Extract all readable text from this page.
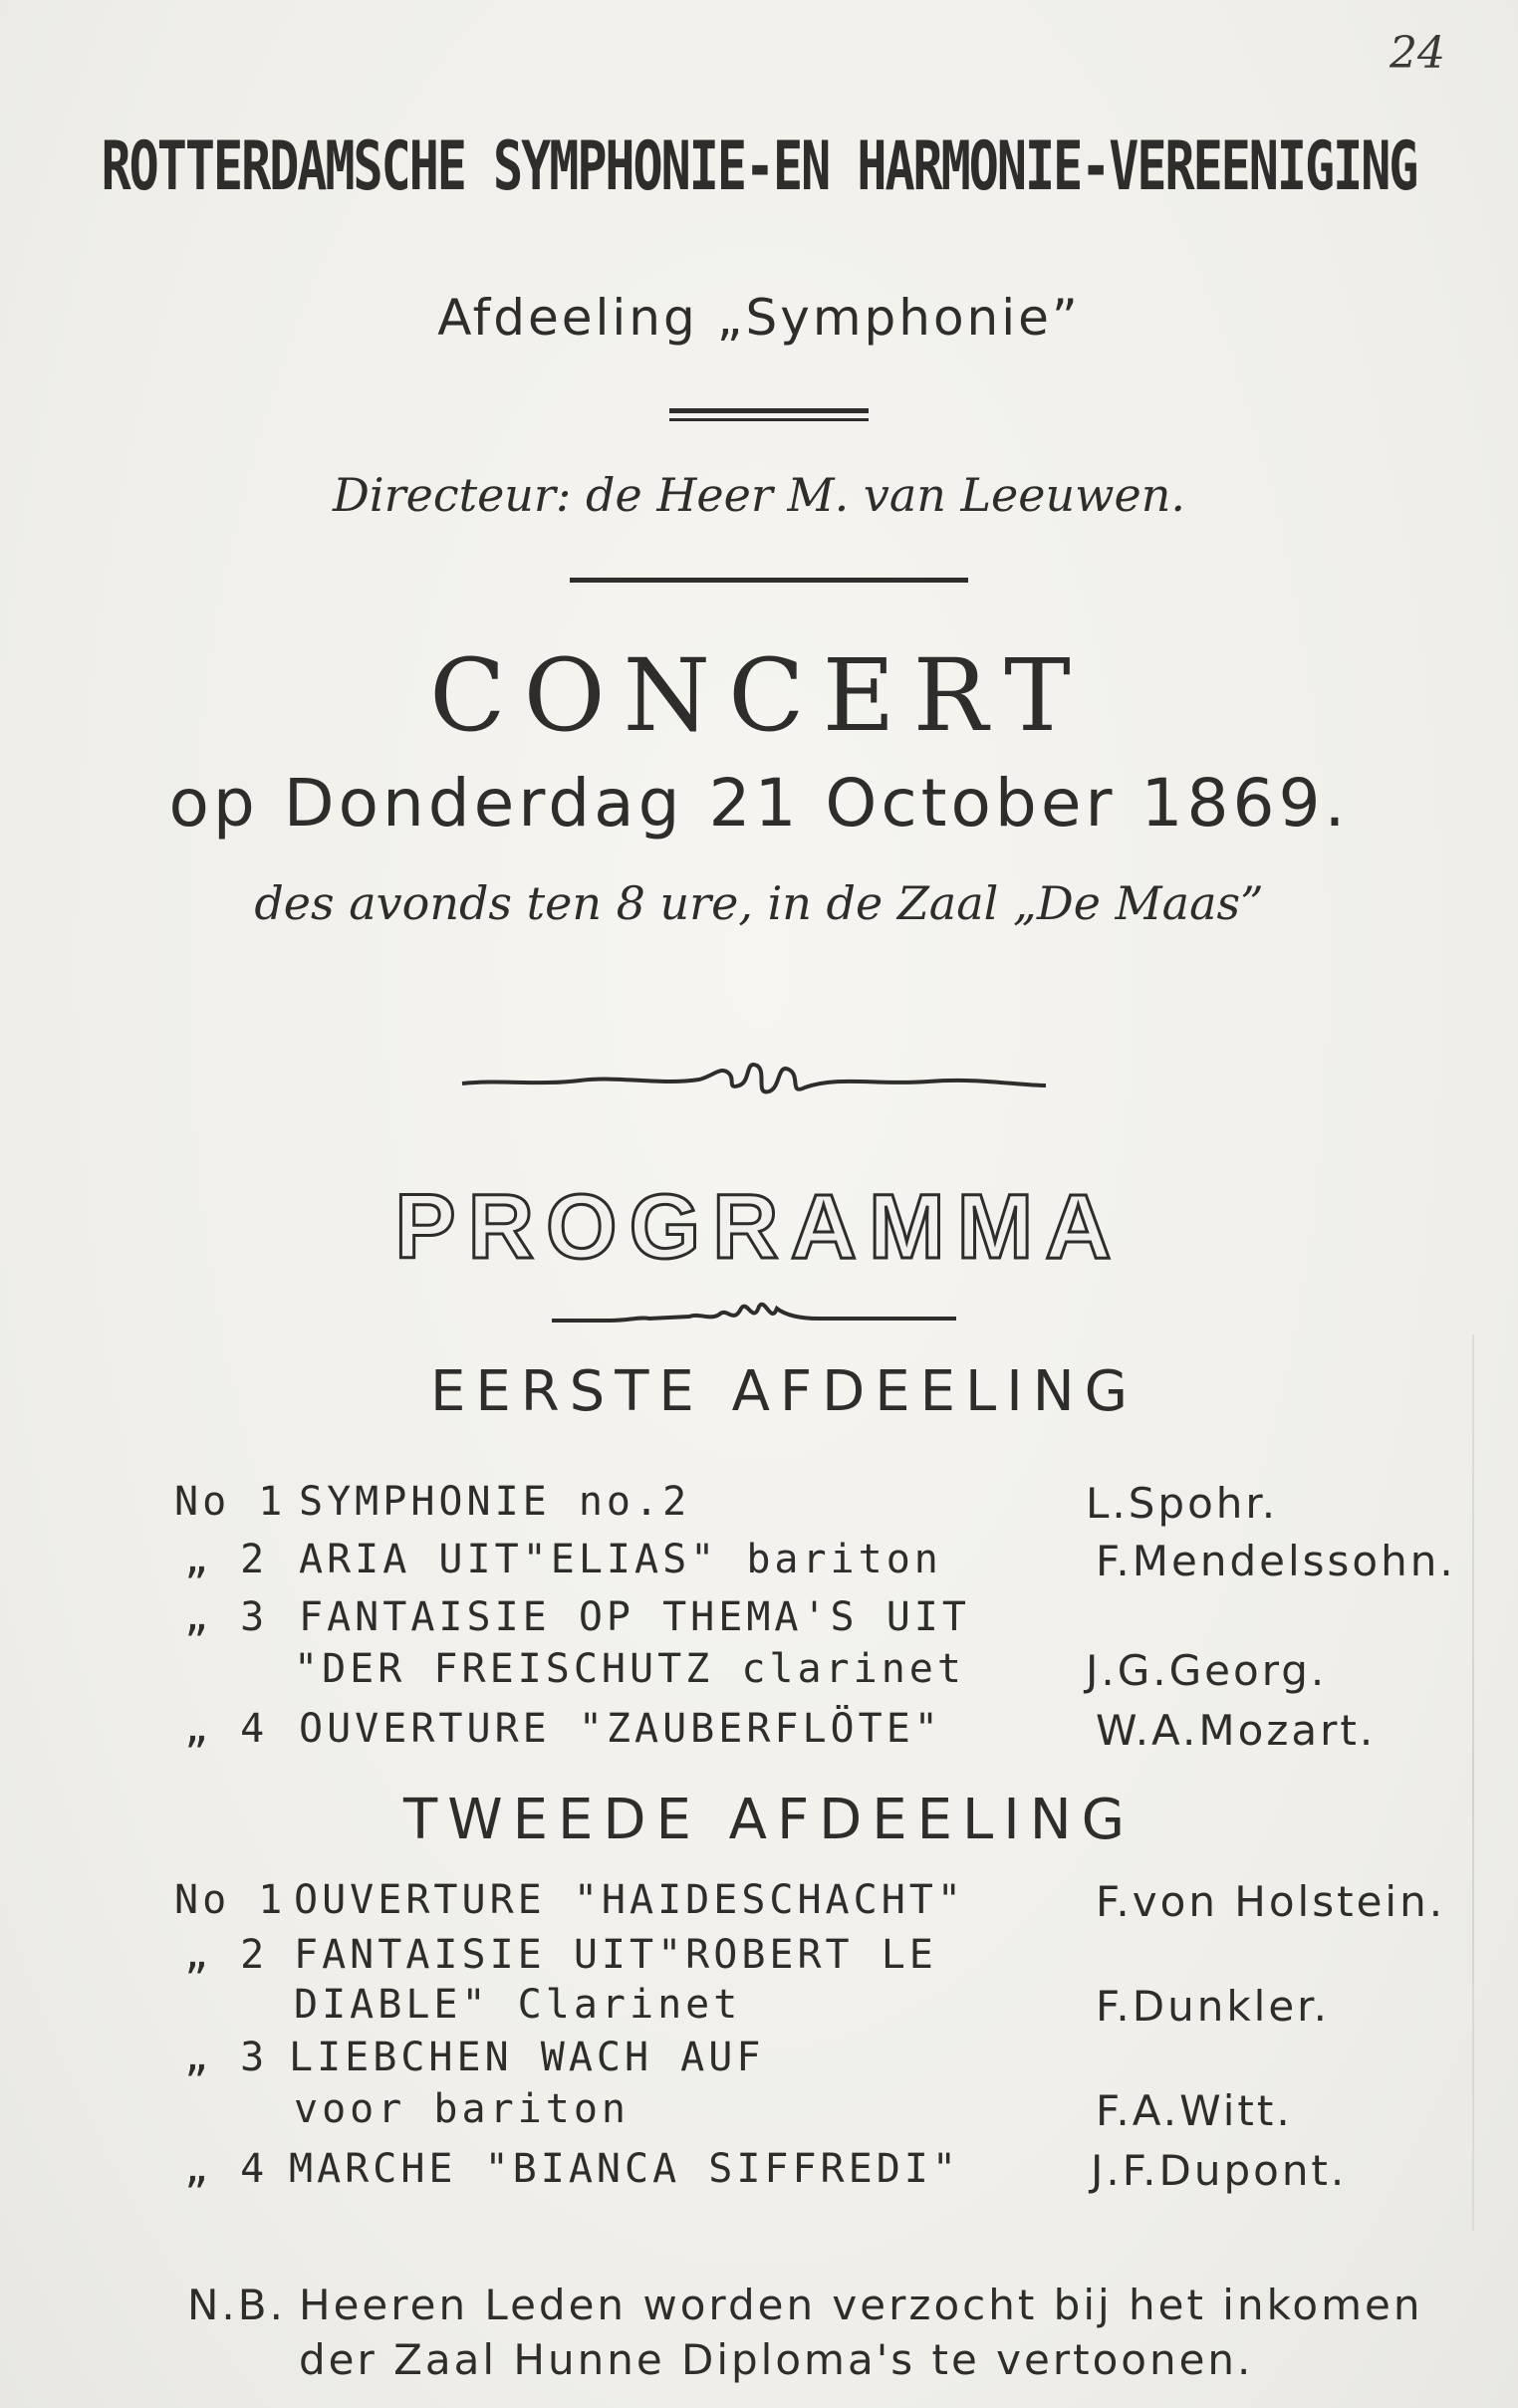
24
ROTTERDAMSCHE SYMPHONIE-EN HARMONIE-VEREENIGING
Afdeeling „Symphonie”
Directeur: de Heer M. van Leeuwen.
CONCERT
op Donderdag 21 October 1869.
des avonds ten 8 ure, in de Zaal „De Maas”
PROGRAMMA
EERSTE AFDEELING
No 1 SYMPHONIE no.2	L.Spohr.
„ 2 ARIA UIT"ELIAS" bariton	F.Mendelssohn.
„ 3 FANTAISIE OP THEMA'S UIT
"DER FREISCHUTZ clarinet	J.G.Georg.
„ 4 OUVERTURE "ZAUBERFLÖTE"	W.A.Mozart.
TWEEDE AFDEELING
No 1 OUVERTURE "HAIDESCHACHT"	F.von Holstein.
„ 2 FANTAISIE UIT"ROBERT LE
DIABLE" Clarinet	F.Dunkler.
„ 3 LIEBCHEN WACH AUF
voor bariton	F.A.Witt.
„ 4 MARCHE "BIANCA SIFFREDI"	J.F.Dupont.
N.B. Heeren Leden worden verzocht bij het inkomen
der Zaal Hunne Diploma's te vertoonen.
